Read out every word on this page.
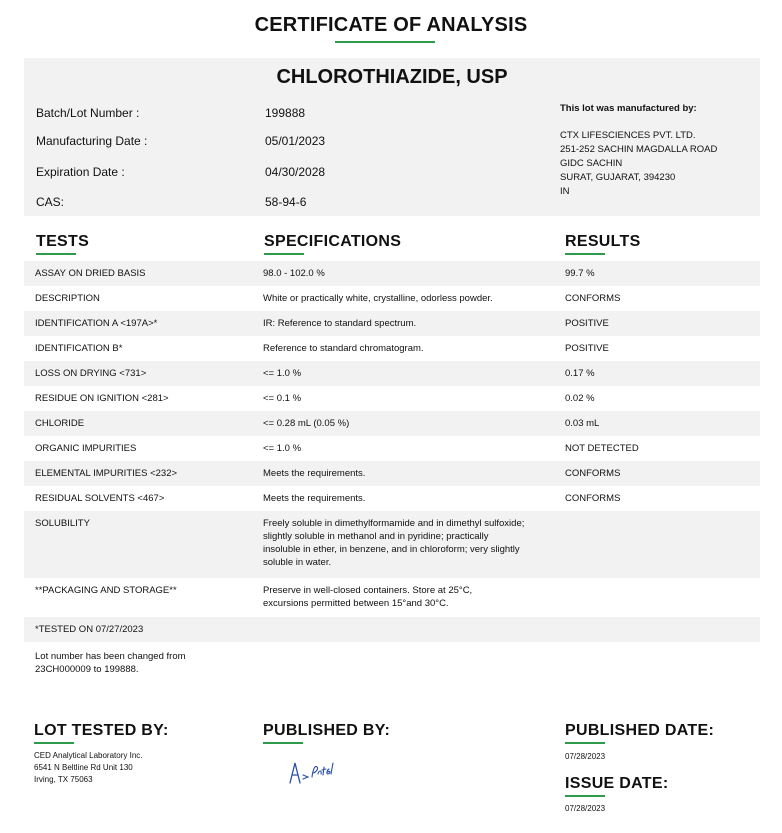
CERTIFICATE OF ANALYSIS
CHLOROTHIAZIDE, USP
Batch/Lot Number :	199888
Manufacturing Date :	05/01/2023
Expiration Date :	04/30/2028
CAS:	58-94-6
This lot was manufactured by:
CTX LIFESCIENCES PVT. LTD.
251-252 SACHIN MAGDALLA ROAD
GIDC SACHIN
SURAT, GUJARAT, 394230
IN
TESTS	SPECIFICATIONS	RESULTS
ASSAY ON DRIED BASIS	98.0 - 102.0 %	99.7 %
DESCRIPTION	White or practically white, crystalline, odorless powder.	CONFORMS
IDENTIFICATION A <197A>*	IR: Reference to standard spectrum.	POSITIVE
IDENTIFICATION B*	Reference to standard chromatogram.	POSITIVE
LOSS ON DRYING <731>	<= 1.0 %	0.17 %
RESIDUE ON IGNITION <281>	<= 0.1 %	0.02 %
CHLORIDE	<= 0.28 mL (0.05 %)	0.03 mL
ORGANIC IMPURITIES	<= 1.0 %	NOT DETECTED
ELEMENTAL IMPURITIES <232>	Meets the requirements.	CONFORMS
RESIDUAL SOLVENTS <467>	Meets the requirements.	CONFORMS
SOLUBILITY	Freely soluble in dimethylformamide and in dimethyl sulfoxide;
slightly soluble in methanol and in pyridine; practically
insoluble in ether, in benzene, and in chloroform; very slightly
soluble in water.
**PACKAGING AND STORAGE**	Preserve in well-closed containers. Store at 25°C,
excursions permitted between 15°and 30°C.
*TESTED ON 07/27/2023
Lot number has been changed from
23CH000009 to 199888.
LOT TESTED BY:
CED Analytical Laboratory Inc.
6541 N Beltline Rd Unit 130
Irving, TX 75063
PUBLISHED BY:	PUBLISHED DATE:
07/28/2023
ISSUE DATE:
07/28/2023
